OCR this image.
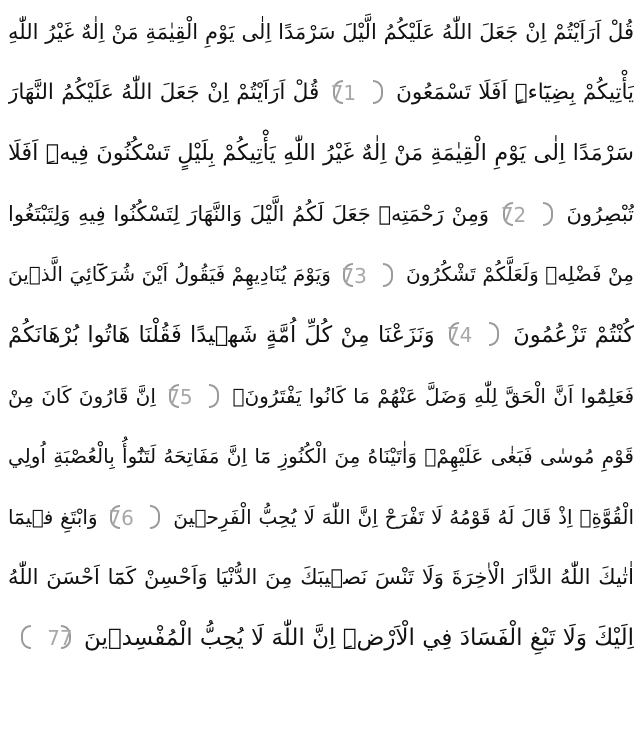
قُلْ اَرَاَيْتُمْ اِنْ جَعَلَ اللّٰهُ عَلَيْكُمُ الَّيْلَ سَرْمَدًا اِلٰى يَوْمِ الْقِيٰمَةِ مَنْ اِلٰهٌ غَيْرُ اللّٰهِ
يَأْتِيكُمْ بِضِيَٓاءٍۜ اَفَلَا تَسْمَعُونَ
71
قُلْ اَرَاَيْتُمْ اِنْ جَعَلَ اللّٰهُ عَلَيْكُمُ النَّهَارَ
سَرْمَدًا اِلٰى يَوْمِ الْقِيٰمَةِ مَنْ اِلٰهٌ غَيْرُ اللّٰهِ يَأْتِيكُمْ بِلَيْلٍ تَسْكُنُونَ فِيهِۜ اَفَلَا
تُبْصِرُونَ
72
وَمِنْ رَحْمَتِه۪ جَعَلَ لَكُمُ الَّيْلَ وَالنَّهَارَ لِتَسْكُنُوا فِيهِ وَلِتَبْتَغُوا
مِنْ فَضْلِه۪ وَلَعَلَّكُمْ تَشْكُرُونَ
73
وَيَوْمَ يُنَادِيهِمْ فَيَقُولُ اَيْنَ شُرَكَٓائِيَ الَّذ۪ينَ
كُنْتُمْ تَزْعُمُونَ
74
وَنَزَعْنَا مِنْ كُلِّ اُمَّةٍ شَه۪يدًا فَقُلْنَا هَاتُوا بُرْهَانَكُمْ
فَعَلِمُٓوا اَنَّ الْحَقَّ لِلّٰهِ وَضَلَّ عَنْهُمْ مَا كَانُوا يَفْتَرُونَ۟
75
اِنَّ قَارُونَ كَانَ مِنْ
قَوْمِ مُوسٰى فَبَغٰى عَلَيْهِمْ۪ وَاٰتَيْنَاهُ مِنَ الْكُنُوزِ مَٓا اِنَّ مَفَاتِحَهُ لَتَنُٓوأُ بِالْعُصْبَةِ اُولِي
الْقُوَّةِۗ اِذْ قَالَ لَهُ قَوْمُهُ لَا تَفْرَحْ اِنَّ اللّٰهَ لَا يُحِبُّ الْفَرِح۪ينَ
76
وَابْتَغِ ف۪يمَٓا
اٰتٰيكَ اللّٰهُ الدَّارَ الْاٰخِرَةَ وَلَا تَنْسَ نَص۪يبَكَ مِنَ الدُّنْيَا وَاَحْسِنْ كَمَٓا اَحْسَنَ اللّٰهُ
اِلَيْكَ وَلَا تَبْغِ الْفَسَادَ فِي الْاَرْضِۜ اِنَّ اللّٰهَ لَا يُحِبُّ الْمُفْسِد۪ينَ
77
